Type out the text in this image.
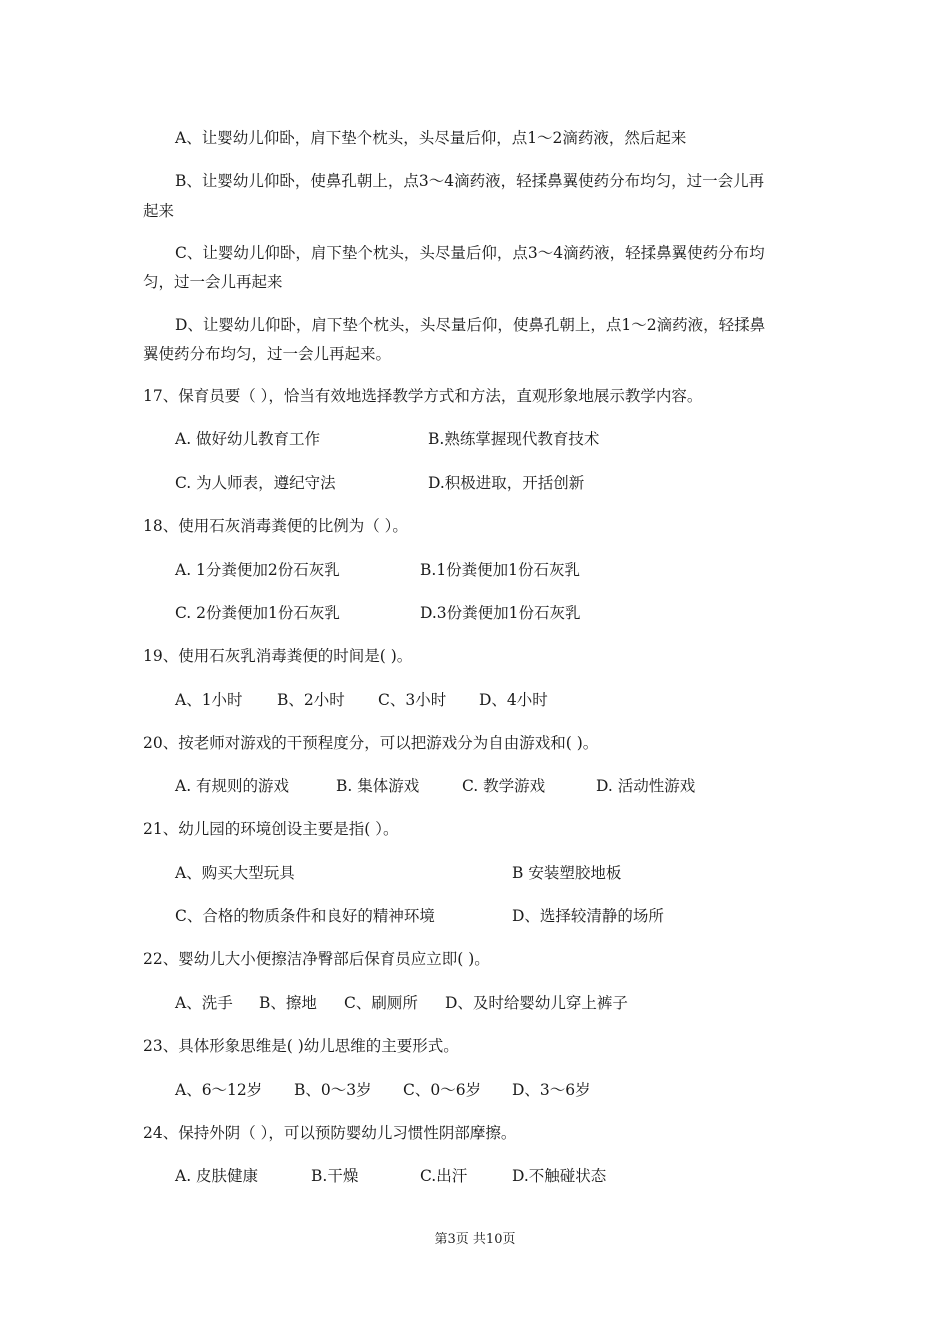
A、让婴幼儿仰卧，肩下垫个枕头，头尽量后仰，点1～2滴药液，然后起来
B、让婴幼儿仰卧，使鼻孔朝上，点3～4滴药液，轻揉鼻翼使药分布均匀，过一会儿再
起来
C、让婴幼儿仰卧，肩下垫个枕头，头尽量后仰，点3～4滴药液，轻揉鼻翼使药分布均
匀，过一会儿再起来
D、让婴幼儿仰卧，肩下垫个枕头，头尽量后仰，使鼻孔朝上，点1～2滴药液，轻揉鼻
翼使药分布均匀，过一会儿再起来。
17、保育员要（ ），恰当有效地选择教学方式和方法，直观形象地展示教学内容。
A. 做好幼儿教育工作	B.熟练掌握现代教育技术
C. 为人师表，遵纪守法	D.积极进取，开括创新
18、使用石灰消毒粪便的比例为（ ）。
A. 1分粪便加2份石灰乳	B.1份粪便加1份石灰乳
C. 2份粪便加1份石灰乳	D.3份粪便加1份石灰乳
19、使用石灰乳消毒粪便的时间是( )。
A、1小时 B、2小时 C、3小时 D、4小时
20、按老师对游戏的干预程度分，可以把游戏分为自由游戏和( )。
A. 有规则的游戏	B. 集体游戏	C. 教学游戏	D. 活动性游戏
21、幼儿园的环境创设主要是指( ）。
A、购买大型玩具	B 安装塑胶地板
C、合格的物质条件和良好的精神环境	D、选择较清静的场所
22、婴幼儿大小便擦洁净臀部后保育员应立即( )。
A、洗手 B、擦地 C、刷厕所 D、及时给婴幼儿穿上裤子
23、具体形象思维是( )幼儿思维的主要形式。
A、6～12岁 B、0～3岁 C、0～6岁 D、3～6岁
24、保持外阴（ ），可以预防婴幼儿习惯性阴部摩擦。
A. 皮肤健康	B.干燥	C.出汗	D.不触碰状态
第3页 共10页
